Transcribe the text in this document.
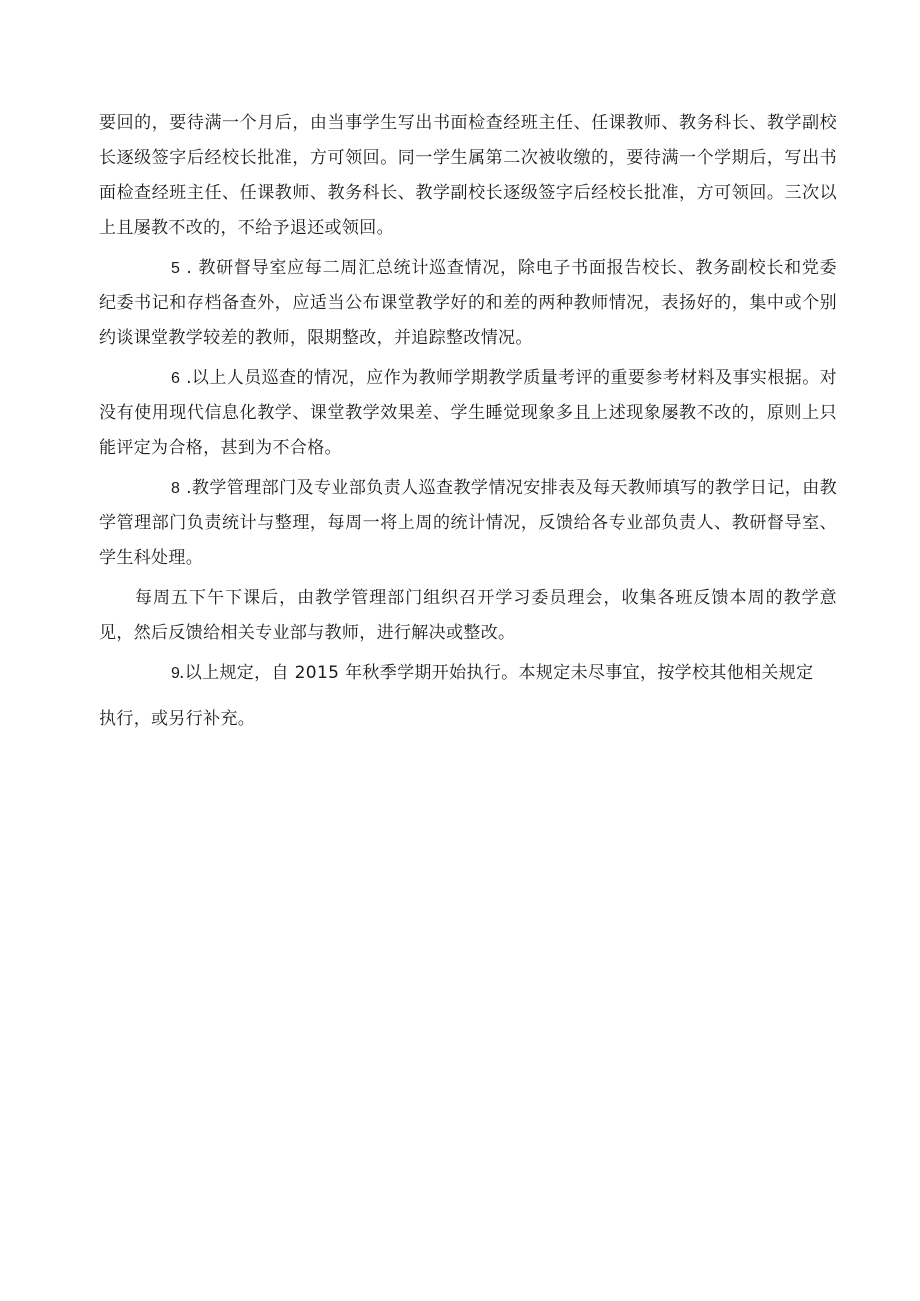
要回的，要待满一个月后，由当事学生写出书面检查经班主任、任课教师、教务科长、教学副校长逐级签字后经校长批准，方可领回。同一学生属第二次被收缴的，要待满一个学期后，写出书面检查经班主任、任课教师、教务科长、教学副校长逐级签字后经校长批准，方可领回。三次以上且屡教不改的，不给予退还或领回。

5 . 教研督导室应每二周汇总统计巡查情况，除电子书面报告校长、教务副校长和党委纪委书记和存档备查外，应适当公布课堂教学好的和差的两种教师情况，表扬好的，集中或个别约谈课堂教学较差的教师，限期整改，并追踪整改情况。

6 .以上人员巡查的情况，应作为教师学期教学质量考评的重要参考材料及事实根据。对没有使用现代信息化教学、课堂教学效果差、学生睡觉现象多且上述现象屡教不改的，原则上只能评定为合格，甚到为不合格。

8 .教学管理部门及专业部负责人巡查教学情况安排表及每天教师填写的教学日记，由教学管理部门负责统计与整理，每周一将上周的统计情况，反馈给各专业部负责人、教研督导室、学生科处理。

每周五下午下课后，由教学管理部门组织召开学习委员理会，收集各班反馈本周的教学意见，然后反馈给相关专业部与教师，进行解决或整改。

9.以上规定，自 2015 年秋季学期开始执行。本规定未尽事宜，按学校其他相关规定

执行，或另行补充。
